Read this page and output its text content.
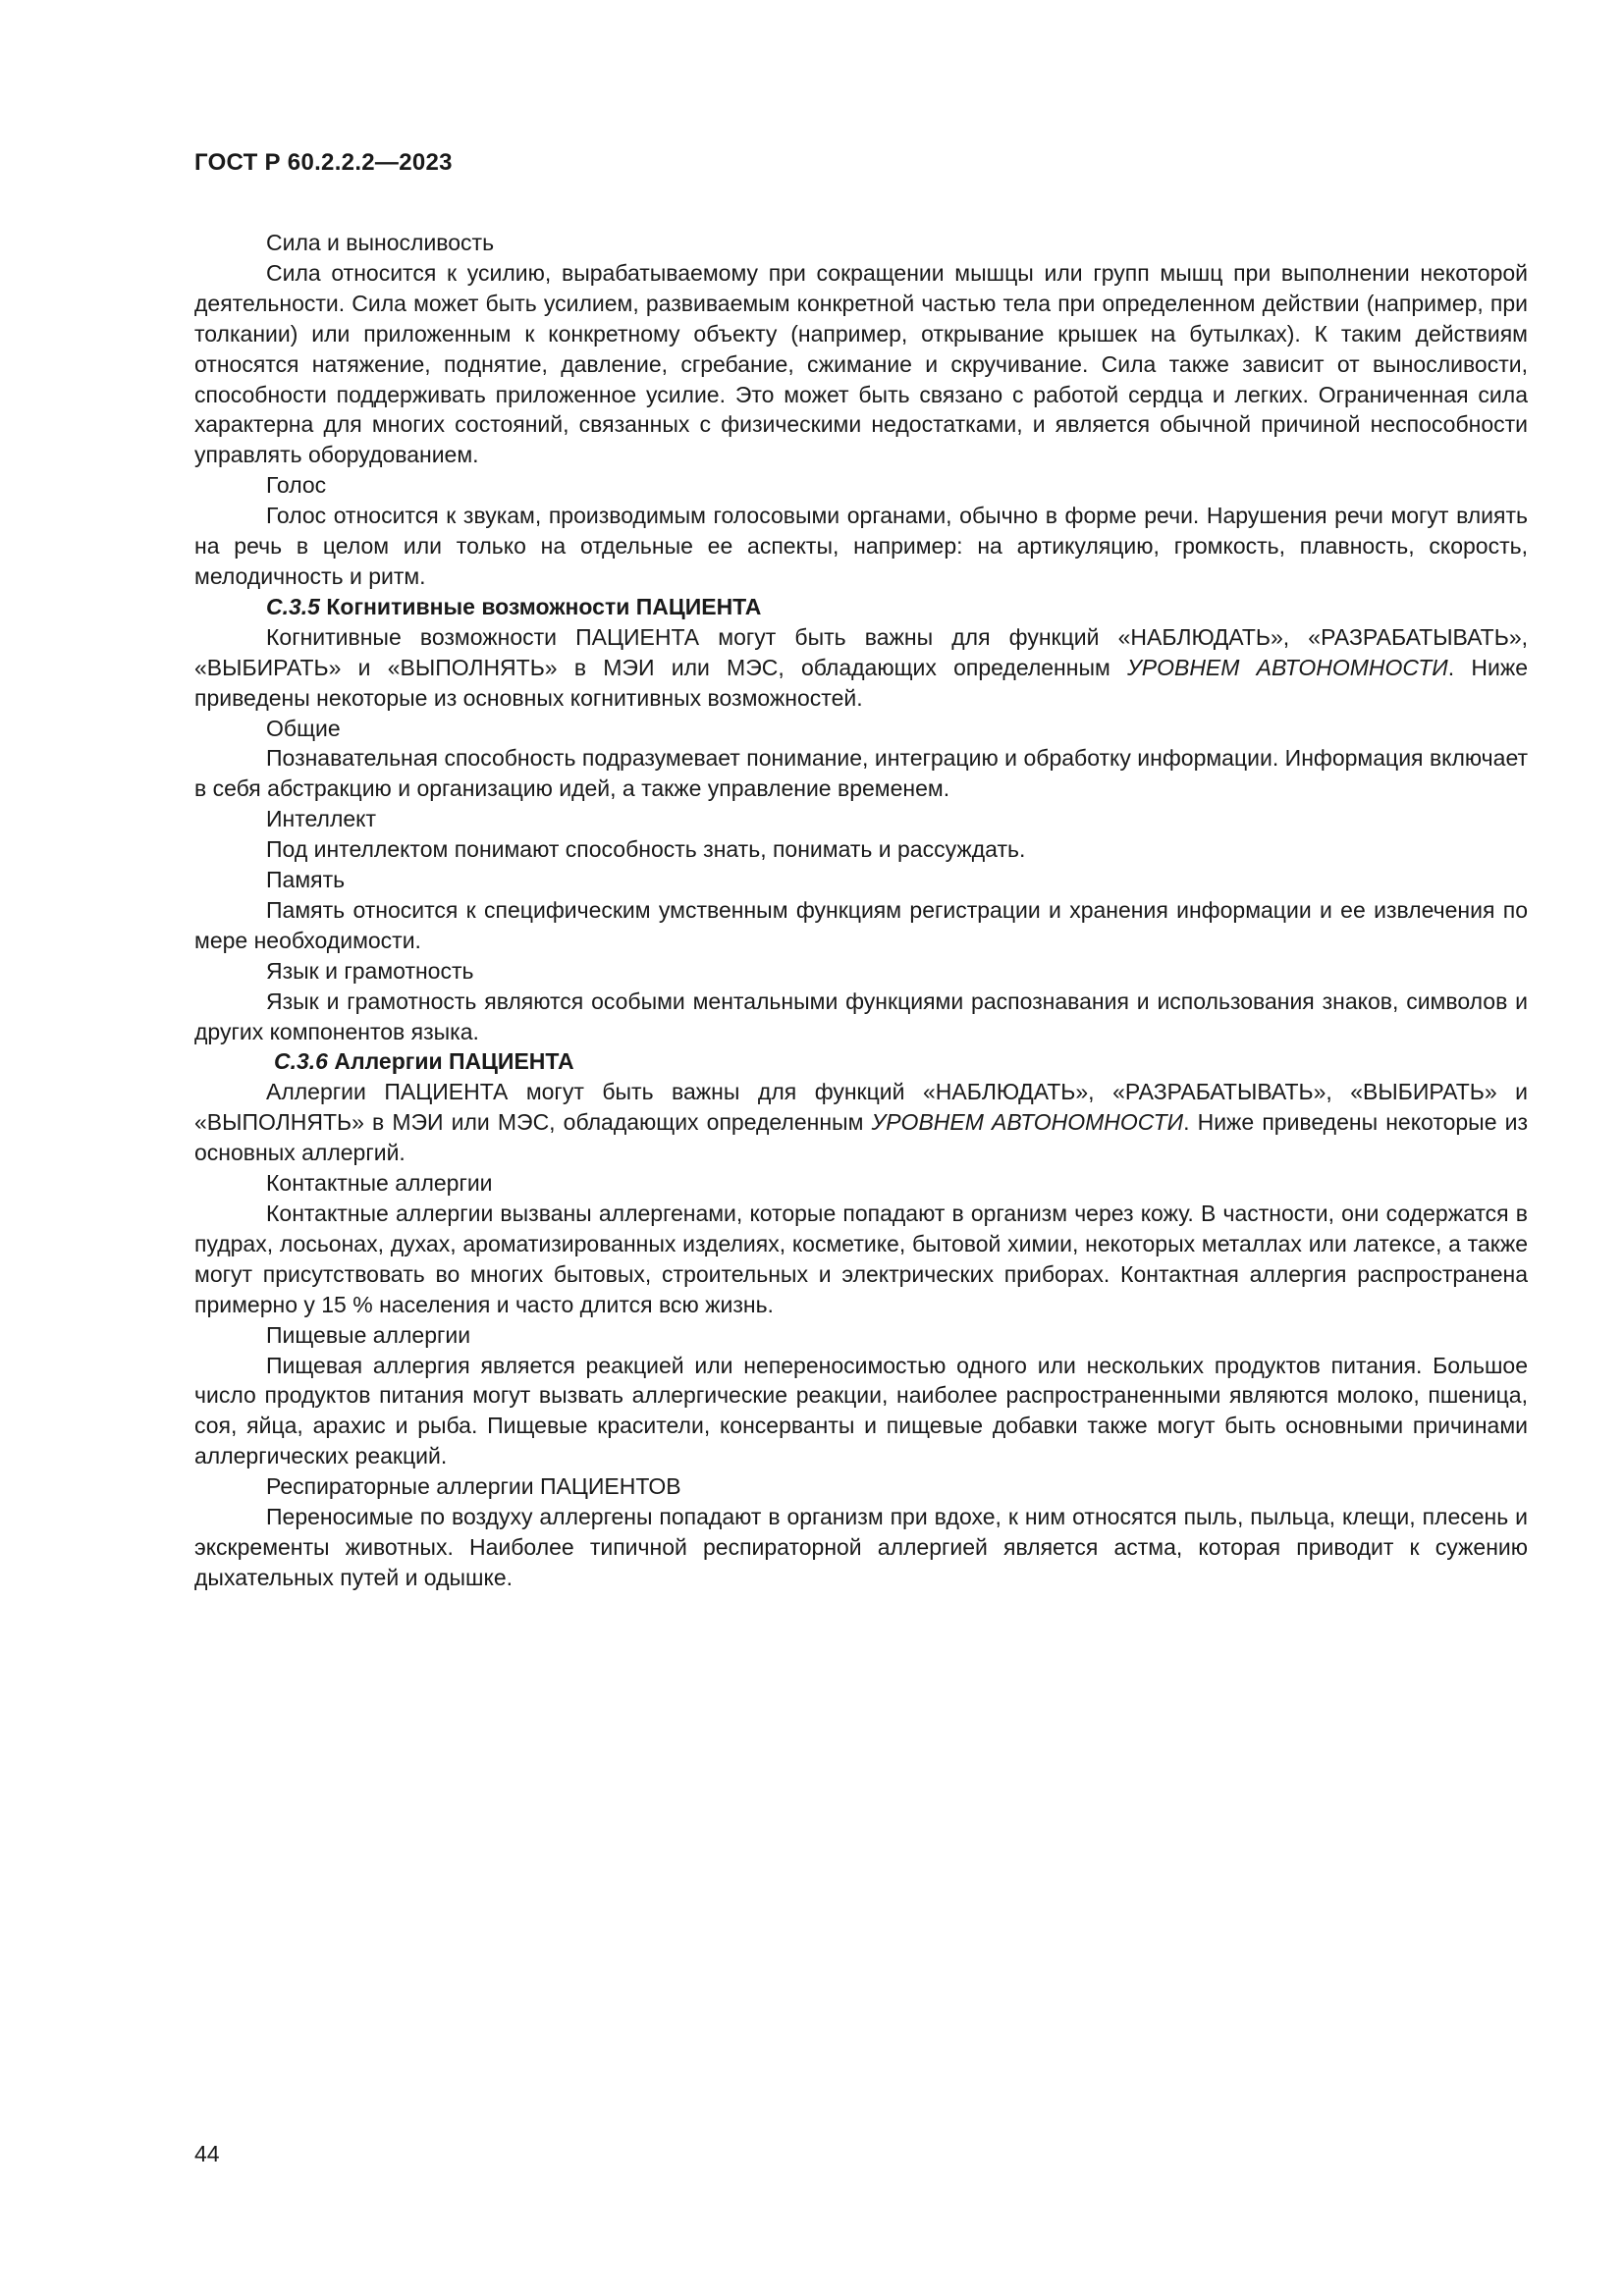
ГОСТ Р 60.2.2.2—2023

Сила и выносливость

Сила относится к усилию, вырабатываемому при сокращении мышцы или групп мышц при выполнении некоторой деятельности. Сила может быть усилием, развиваемым конкретной частью тела при определенном действии (например, при толкании) или приложенным к конкретному объекту (например, открывание крышек на бутылках). К таким действиям относятся натяжение, поднятие, давление, сгребание, сжимание и скручивание. Сила также зависит от выносливости, способности поддерживать приложенное усилие. Это может быть связано с работой сердца и легких. Ограниченная сила характерна для многих состояний, связанных с физическими недостатками, и является обычной причиной неспособности управлять оборудованием.

Голос

Голос относится к звукам, производимым голосовыми органами, обычно в форме речи. Нарушения речи могут влиять на речь в целом или только на отдельные ее аспекты, например: на артикуляцию, громкость, плавность, скорость, мелодичность и ритм.

C.3.5 Когнитивные возможности ПАЦИЕНТА

Когнитивные возможности ПАЦИЕНТА могут быть важны для функций «НАБЛЮДАТЬ», «РАЗРАБАТЫВАТЬ», «ВЫБИРАТЬ» и «ВЫПОЛНЯТЬ» в МЭИ или МЭС, обладающих определенным УРОВНЕМ АВТОНОМНОСТИ. Ниже приведены некоторые из основных когнитивных возможностей.

Общие

Познавательная способность подразумевает понимание, интеграцию и обработку информации. Информация включает в себя абстракцию и организацию идей, а также управление временем.

Интеллект

Под интеллектом понимают способность знать, понимать и рассуждать.

Память

Память относится к специфическим умственным функциям регистрации и хранения информации и ее извлечения по мере необходимости.

Язык и грамотность

Язык и грамотность являются особыми ментальными функциями распознавания и использования знаков, символов и других компонентов языка.

C.3.6 Аллергии ПАЦИЕНТА

Аллергии ПАЦИЕНТА могут быть важны для функций «НАБЛЮДАТЬ», «РАЗРАБАТЫВАТЬ», «ВЫБИРАТЬ» и «ВЫПОЛНЯТЬ» в МЭИ или МЭС, обладающих определенным УРОВНЕМ АВТОНОМНОСТИ. Ниже приведены некоторые из основных аллергий.

Контактные аллергии

Контактные аллергии вызваны аллергенами, которые попадают в организм через кожу. В частности, они содержатся в пудрах, лосьонах, духах, ароматизированных изделиях, косметике, бытовой химии, некоторых металлах или латексе, а также могут присутствовать во многих бытовых, строительных и электрических приборах. Контактная аллергия распространена примерно у 15 % населения и часто длится всю жизнь.

Пищевые аллергии

Пищевая аллергия является реакцией или непереносимостью одного или нескольких продуктов питания. Большое число продуктов питания могут вызвать аллергические реакции, наиболее распространенными являются молоко, пшеница, соя, яйца, арахис и рыба. Пищевые красители, консерванты и пищевые добавки также могут быть основными причинами аллергических реакций.

Респираторные аллергии ПАЦИЕНТОВ

Переносимые по воздуху аллергены попадают в организм при вдохе, к ним относятся пыль, пыльца, клещи, плесень и экскременты животных. Наиболее типичной респираторной аллергией является астма, которая приводит к сужению дыхательных путей и одышке.

44
